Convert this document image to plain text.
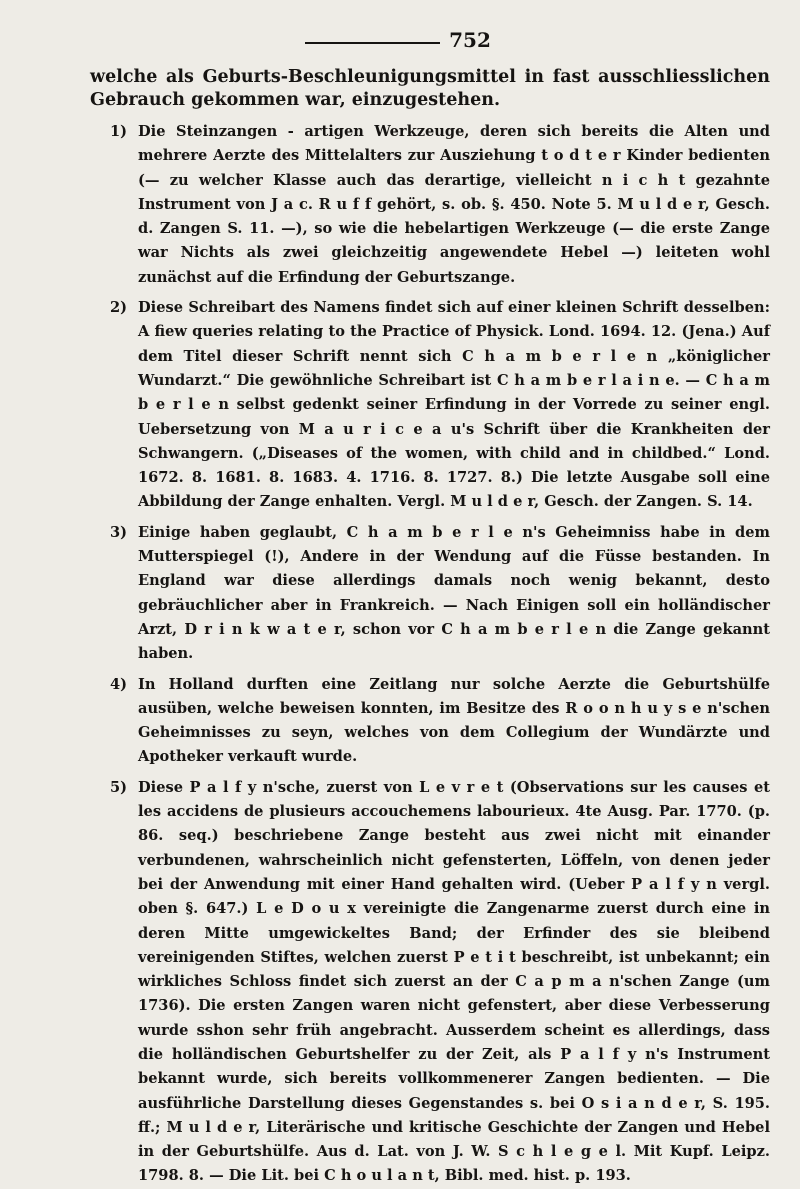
752

welche als Geburts-Beschleunigungsmittel in fast ausschliesslichen Gebrauch gekommen war, einzugestehen.

1) Die Steinzangen - artigen Werkzeuge, deren sich bereits die Alten und mehrere Aerzte des Mittelalters zur Ausziehung t o d t e r Kinder bedienten (— zu welcher Klasse auch das derartige, vielleicht n i c h t gezahnte Instrument von J a c. R u f f gehört, s. ob. §. 450. Note 5. M u l d e r, Gesch. d. Zangen S. 11. —), so wie die hebelartigen Werkzeuge (— die erste Zange war Nichts als zwei gleichzeitig angewendete Hebel —) leiteten wohl zunächst auf die Erfindung der Geburtszange.
2) Diese Schreibart des Namens findet sich auf einer kleinen Schrift desselben: A fiew queries relating to the Practice of Physick. Lond. 1694. 12. (Jena.) Auf dem Titel dieser Schrift nennt sich C h a m b e r l e n „königlicher Wundarzt.“ Die gewöhnliche Schreibart ist C h a m b e r l a i n e. — C h a m b e r l e n selbst gedenkt seiner Erfindung in der Vorrede zu seiner engl. Uebersetzung von M a u r i c e a u's Schrift über die Krankheiten der Schwangern. („Diseases of the women, with child and in childbed.“ Lond. 1672. 8. 1681. 8. 1683. 4. 1716. 8. 1727. 8.) Die letzte Ausgabe soll eine Abbildung der Zange enhalten. Vergl. M u l d e r, Gesch. der Zangen. S. 14.
3) Einige haben geglaubt, C h a m b e r l e n's Geheimniss habe in dem Mutterspiegel (!), Andere in der Wendung auf die Füsse bestanden. In England war diese allerdings damals noch wenig bekannt, desto gebräuchlicher aber in Frankreich. — Nach Einigen soll ein holländischer Arzt, D r i n k w a t e r, schon vor C h a m b e r l e n die Zange gekannt haben.
4) In Holland durften eine Zeitlang nur solche Aerzte die Geburtshülfe ausüben, welche beweisen konnten, im Besitze des R o o n h u y s e n'schen Geheimnisses zu seyn, welches von dem Collegium der Wundärzte und Apotheker verkauft wurde.
5) Diese P a l f y n'sche, zuerst von L e v r e t (Observations sur les causes et les accidens de plusieurs accouchemens labourieux. 4te Ausg. Par. 1770. (p. 86. seq.) beschriebene Zange besteht aus zwei nicht mit einander verbundenen, wahrscheinlich nicht gefensterten, Löffeln, von denen jeder bei der Anwendung mit einer Hand gehalten wird. (Ueber P a l f y n vergl. oben §. 647.) L e D o u x vereinigte die Zangenarme zuerst durch eine in deren Mitte umgewickeltes Band; der Erfinder des sie bleibend vereinigenden Stiftes, welchen zuerst P e t i t beschreibt, ist unbekannt; ein wirkliches Schloss findet sich zuerst an der C a p m a n'schen Zange (um 1736). Die ersten Zangen waren nicht gefenstert, aber diese Verbesserung wurde sshon sehr früh angebracht. Ausserdem scheint es allerdings, dass die holländischen Geburtshelfer zu der Zeit, als P a l f y n's Instrument bekannt wurde, sich bereits vollkommenerer Zangen bedienten. — Die ausführliche Darstellung dieses Gegenstandes s. bei O s i a n d e r, S. 195. ff.; M u l d e r, Literärische und kritische Geschichte der Zangen und Hebel in der Geburtshülfe. Aus d. Lat. von J. W. S c h l e g e l. Mit Kupf. Leipz. 1798. 8. — Die Lit. bei C h o u l a n t, Bibl. med. hist. p. 193.
